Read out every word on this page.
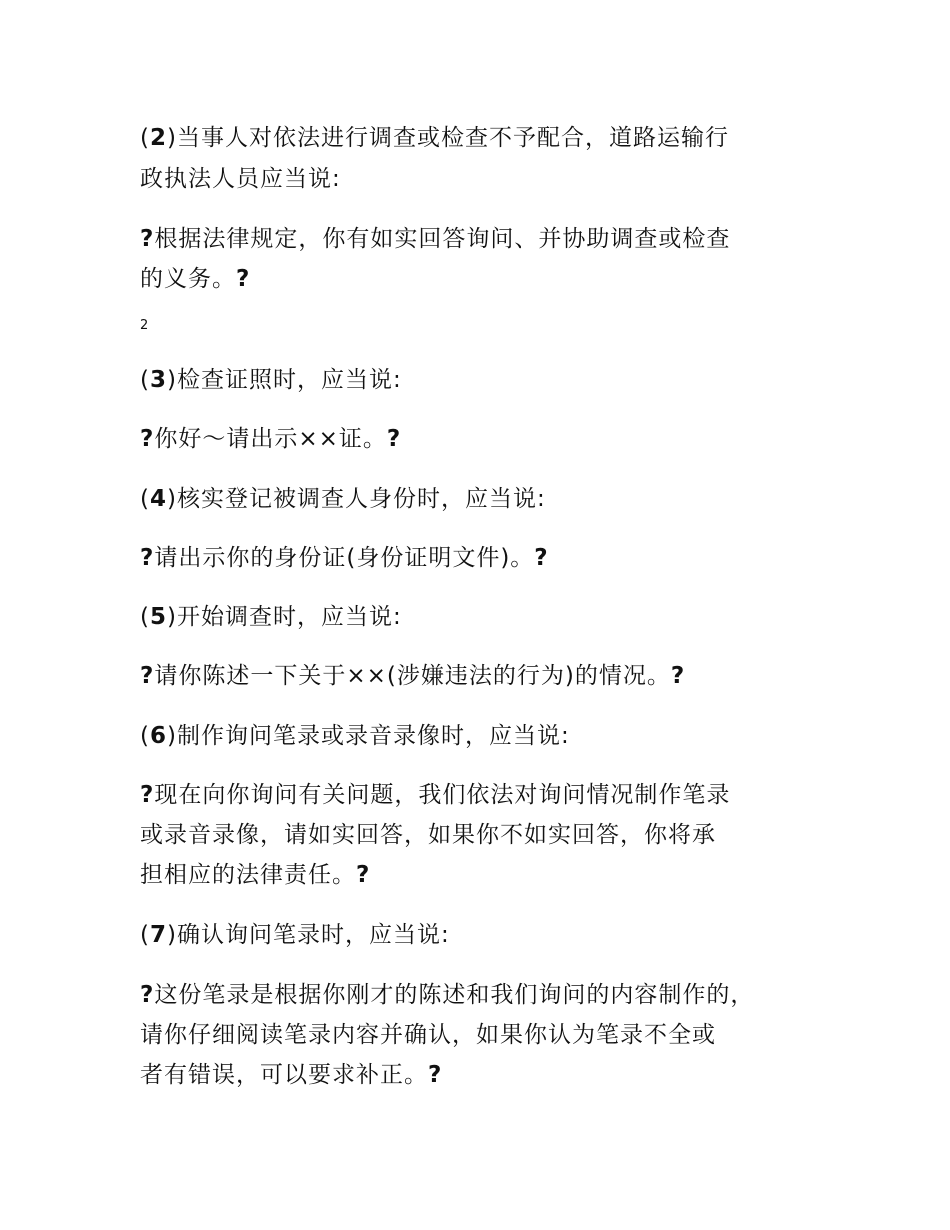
(2)当事人对依法进行调查或检查不予配合，道路运输行
政执法人员应当说:
?根据法律规定，你有如实回答询问、并协助调查或检查
的义务。?
2
(3)检查证照时，应当说:
?你好～请出示××证。?
(4)核实登记被调查人身份时，应当说:
?请出示你的身份证(身份证明文件)。?
(5)开始调查时，应当说:
?请你陈述一下关于××(涉嫌违法的行为)的情况。?
(6)制作询问笔录或录音录像时，应当说:
?现在向你询问有关问题，我们依法对询问情况制作笔录
或录音录像，请如实回答，如果你不如实回答，你将承
担相应的法律责任。?
(7)确认询问笔录时，应当说:
?这份笔录是根据你刚才的陈述和我们询问的内容制作的，
请你仔细阅读笔录内容并确认，如果你认为笔录不全或
者有错误，可以要求补正。?
